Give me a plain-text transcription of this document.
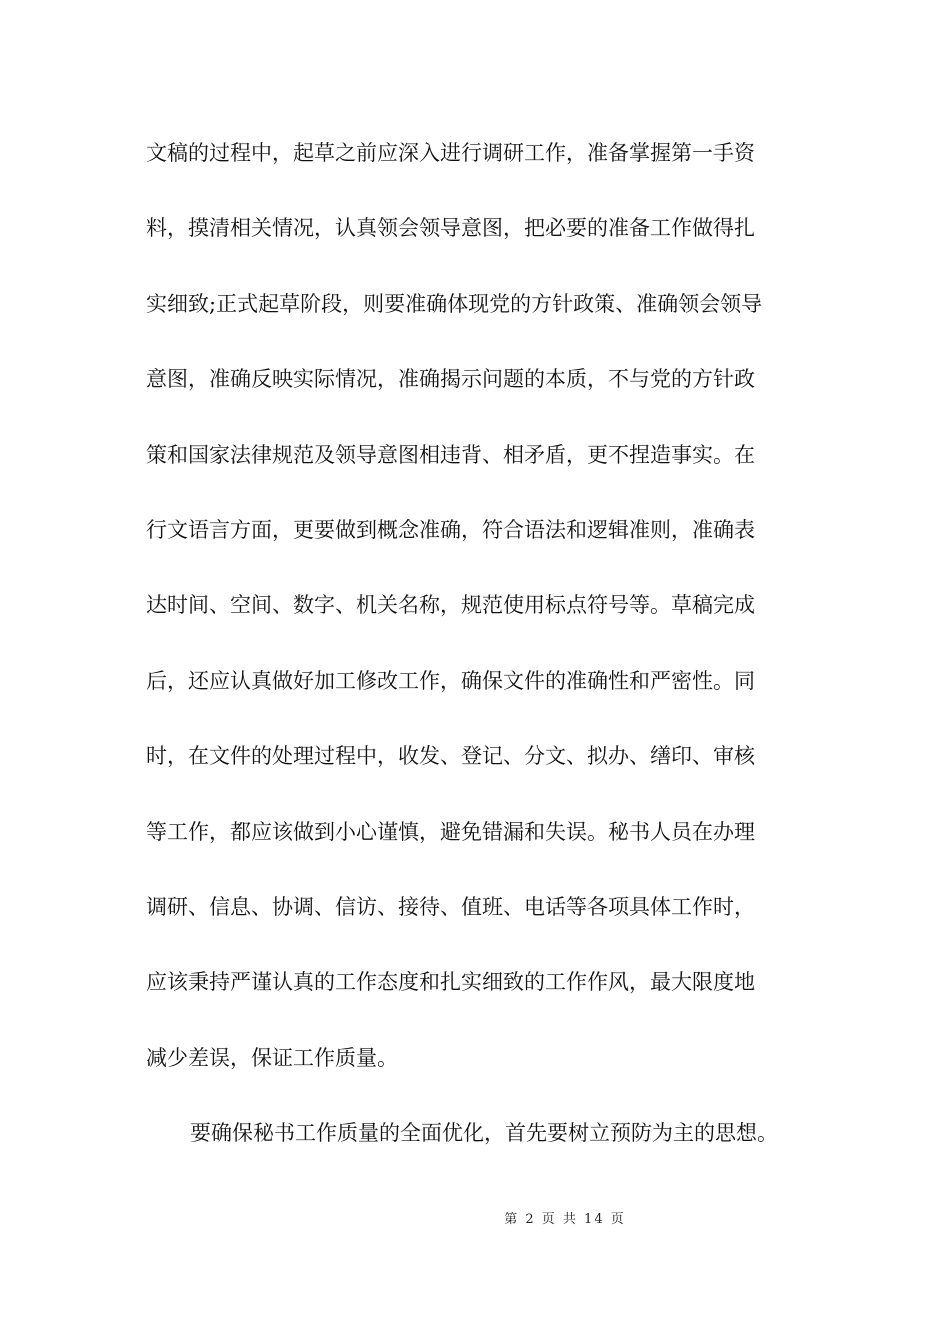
文稿的过程中，起草之前应深入进行调研工作，准备掌握第一手资
料，摸清相关情况，认真领会领导意图，把必要的准备工作做得扎
实细致;正式起草阶段，则要准确体现党的方针政策、准确领会领导
意图，准确反映实际情况，准确揭示问题的本质，不与党的方针政
策和国家法律规范及领导意图相违背、相矛盾，更不捏造事实。在
行文语言方面，更要做到概念准确，符合语法和逻辑准则，准确表
达时间、空间、数字、机关名称，规范使用标点符号等。草稿完成
后，还应认真做好加工修改工作，确保文件的准确性和严密性。同
时，在文件的处理过程中，收发、登记、分文、拟办、缮印、审核
等工作，都应该做到小心谨慎，避免错漏和失误。秘书人员在办理
调研、信息、协调、信访、接待、值班、电话等各项具体工作时，
应该秉持严谨认真的工作态度和扎实细致的工作作风，最大限度地
减少差误，保证工作质量。
要确保秘书工作质量的全面优化，首先要树立预防为主的思想。
第 2 页 共 14 页
